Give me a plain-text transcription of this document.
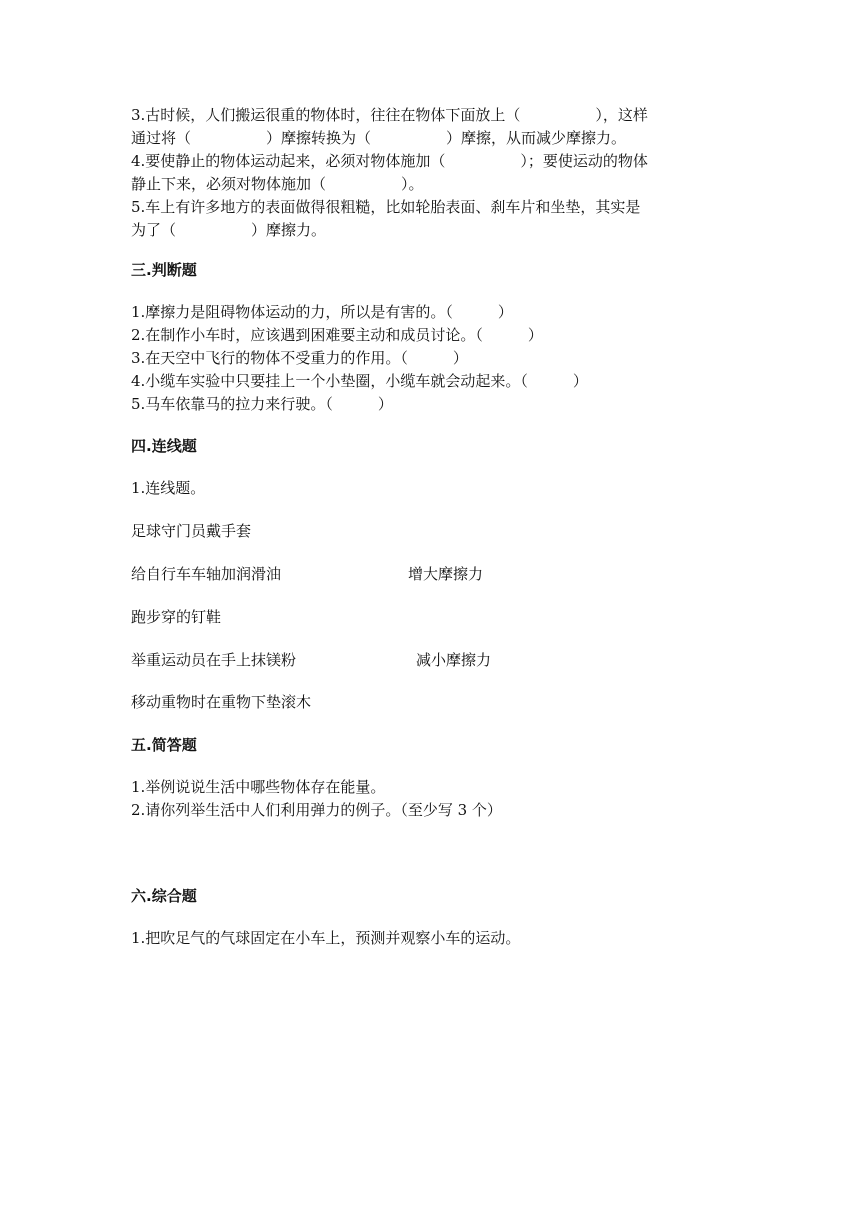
3.古时候，人们搬运很重的物体时，往往在物体下面放上（　　　　　），这样
通过将（　　　　　）摩擦转换为（　　　　　）摩擦，从而减少摩擦力。
4.要使静止的物体运动起来，必须对物体施加（　　　　　）；要使运动的物体
静止下来，必须对物体施加（　　　　　）。
5.车上有许多地方的表面做得很粗糙，比如轮胎表面、刹车片和坐垫，其实是
为了（　　　　　）摩擦力。
三.判断题
1.摩擦力是阻碍物体运动的力，所以是有害的。（　　　）
2.在制作小车时，应该遇到困难要主动和成员讨论。（　　　）
3.在天空中飞行的物体不受重力的作用。（　　　）
4.小缆车实验中只要挂上一个小垫圈，小缆车就会动起来。（　　　）
5.马车依靠马的拉力来行驶。（　　　）
四.连线题
1.连线题。
足球守门员戴手套
给自行车车轴加润滑油	增大摩擦力
跑步穿的钉鞋
举重运动员在手上抹镁粉	减小摩擦力
移动重物时在重物下垫滚木
五.简答题
1.举例说说生活中哪些物体存在能量。
2.请你列举生活中人们利用弹力的例子。（至少写 3 个）
六.综合题
1.把吹足气的气球固定在小车上，预测并观察小车的运动。
